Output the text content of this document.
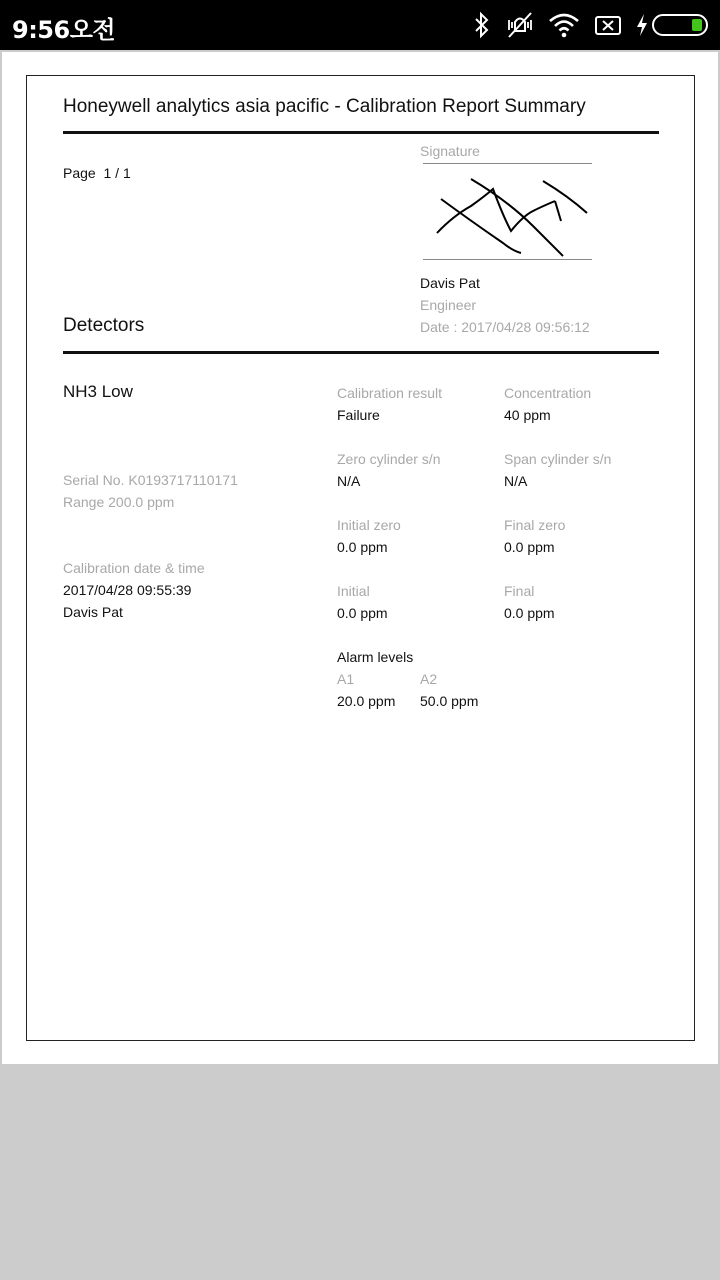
9:56오전
Honeywell analytics asia pacific - Calibration Report Summary
Page 1 / 1
Signature
Davis Pat
Engineer
Date : 2017/04/28 09:56:12
Detectors
NH3 Low
Serial No. K0193717110171
Range 200.0 ppm
Calibration date & time
2017/04/28 09:55:39
Davis Pat
Calibration result
Failure
Zero cylinder s/n
N/A
Initial zero
0.0 ppm
Initial
0.0 ppm
Alarm levels
A1
20.0 ppm
A2
50.0 ppm
Concentration
40 ppm
Span cylinder s/n
N/A
Final zero
0.0 ppm
Final
0.0 ppm
